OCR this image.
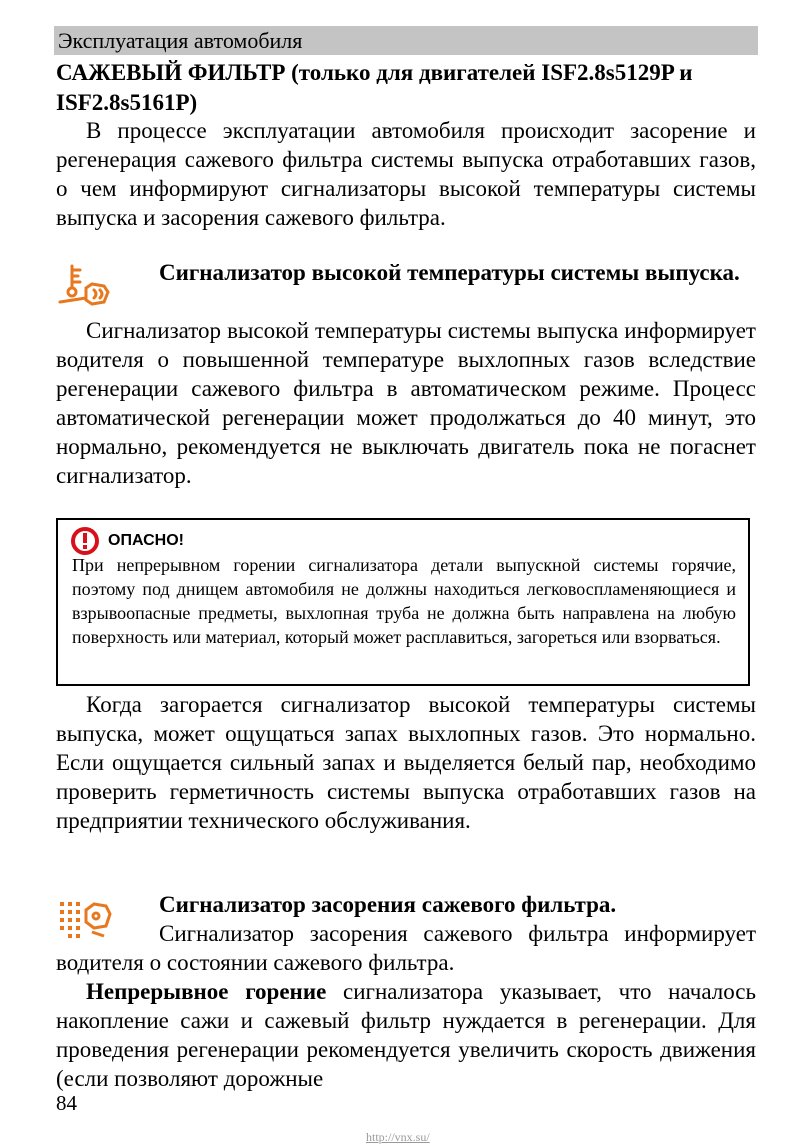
Эксплуатация автомобиля
САЖЕВЫЙ ФИЛЬТР (только для двигателей ISF2.8s5129P и ISF2.8s5161P)

В процессе эксплуатации автомобиля происходит засорение и регенерация сажевого фильтра системы выпуска отработавших газов, о чем информируют сигнализаторы высокой температуры системы выпуска и засорения сажевого фильтра.

Сигнализатор высокой температуры системы выпуска.

Сигнализатор высокой температуры системы выпуска информирует водителя о повышенной температуре выхлопных газов вследствие регенерации сажевого фильтра в автоматическом режиме. Процесс автоматической регенерации может продолжаться до 40 минут, это нормально, рекомендуется не выключать двигатель пока не погаснет сигнализатор.

ОПАСНО!

При непрерывном горении сигнализатора детали выпускной системы горячие, поэтому под днищем автомобиля не должны находиться легковоспламеняющиеся и взрывоопасные предметы, выхлопная труба не должна быть направлена на любую поверхность или материал, который может расплавиться, загореться или взорваться.

Когда загорается сигнализатор высокой температуры системы выпуска, может ощущаться запах выхлопных газов. Это нормально. Если ощущается сильный запах и выделяется белый пар, необходимо проверить герметичность системы выпуска отработавших газов на предприятии технического обслуживания.

Сигнализатор засорения сажевого фильтра.

Сигнализатор засорения сажевого фильтра информирует водителя о состоянии сажевого фильтра.

Непрерывное горение сигнализатора указывает, что началось накопление сажи и сажевый фильтр нуждается в регенерации. Для проведения регенерации рекомендуется увеличить скорость движения (если позволяют дорожные

84
http://vnx.su/
